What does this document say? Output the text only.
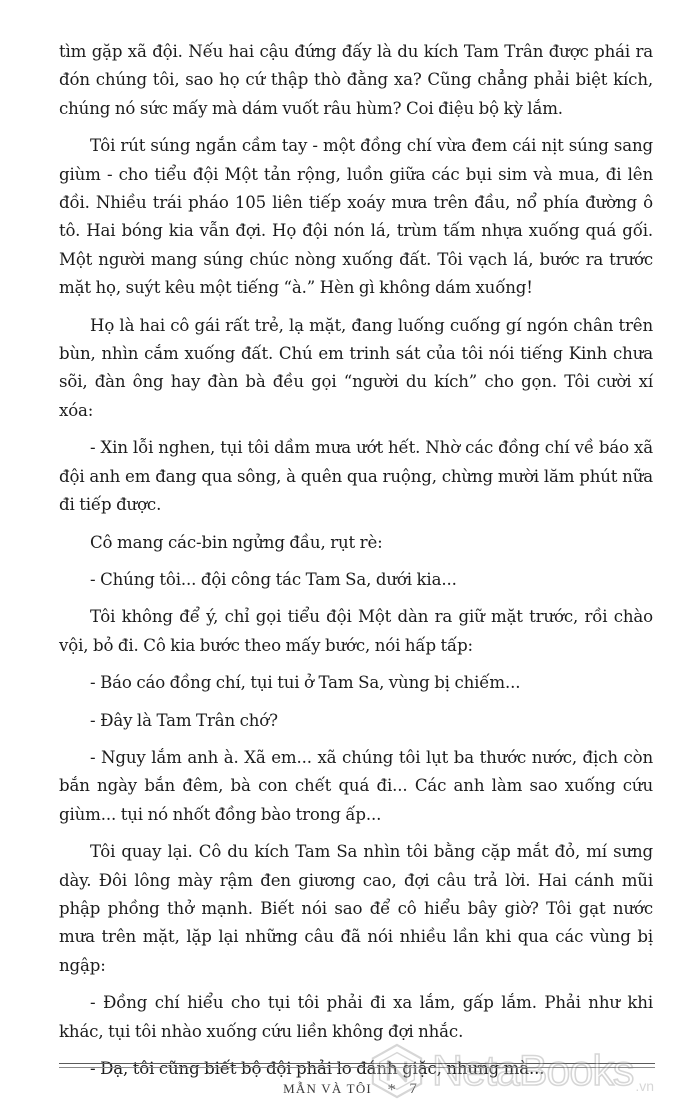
tìm gặp xã đội. Nếu hai cậu đứng đấy là du kích Tam Trân được phái ra đón chúng tôi, sao họ cứ thập thò đằng xa? Cũng chẳng phải biệt kích, chúng nó sức mấy mà dám vuốt râu hùm? Coi điệu bộ kỳ lắm.

Tôi rút súng ngắn cầm tay - một đồng chí vừa đem cái nịt súng sang giùm - cho tiểu đội Một tản rộng, luồn giữa các bụi sim và mua, đi lên đồi. Nhiều trái pháo 105 liên tiếp xoáy mưa trên đầu, nổ phía đường ô tô. Hai bóng kia vẫn đợi. Họ đội nón lá, trùm tấm nhựa xuống quá gối. Một người mang súng chúc nòng xuống đất. Tôi vạch lá, bước ra trước mặt họ, suýt kêu một tiếng “à.” Hèn gì không dám xuống!

Họ là hai cô gái rất trẻ, lạ mặt, đang luống cuống gí ngón chân trên bùn, nhìn cắm xuống đất. Chú em trinh sát của tôi nói tiếng Kinh chưa sõi, đàn ông hay đàn bà đều gọi “người du kích” cho gọn. Tôi cười xí xóa:

- Xin lỗi nghen, tụi tôi dầm mưa ướt hết. Nhờ các đồng chí về báo xã đội anh em đang qua sông, à quên qua ruộng, chừng mười lăm phút nữa đi tiếp được.

Cô mang các-bin ngửng đầu, rụt rè:

- Chúng tôi... đội công tác Tam Sa, dưới kia...

Tôi không để ý, chỉ gọi tiểu đội Một dàn ra giữ mặt trước, rồi chào vội, bỏ đi. Cô kia bước theo mấy bước, nói hấp tấp:

- Báo cáo đồng chí, tụi tui ở Tam Sa, vùng bị chiếm...

- Đây là Tam Trân chớ?

- Nguy lắm anh à. Xã em... xã chúng tôi lụt ba thước nước, địch còn bắn ngày bắn đêm, bà con chết quá đi... Các anh làm sao xuống cứu giùm... tụi nó nhốt đồng bào trong ấp...

Tôi quay lại. Cô du kích Tam Sa nhìn tôi bằng cặp mắt đỏ, mí sưng dày. Đôi lông mày rậm đen giương cao, đợi câu trả lời. Hai cánh mũi phập phồng thở mạnh. Biết nói sao để cô hiểu bây giờ? Tôi gạt nước mưa trên mặt, lặp lại những câu đã nói nhiều lần khi qua các vùng bị ngập:

- Đồng chí hiểu cho tụi tôi phải đi xa lắm, gấp lắm. Phải như khi khác, tụi tôi nhào xuống cứu liền không đợi nhắc.

- Dạ, tôi cũng biết bộ đội phải lo đánh giặc, nhưng mà...

MẪN VÀ TÔI * 7 NetaBooks .vn
